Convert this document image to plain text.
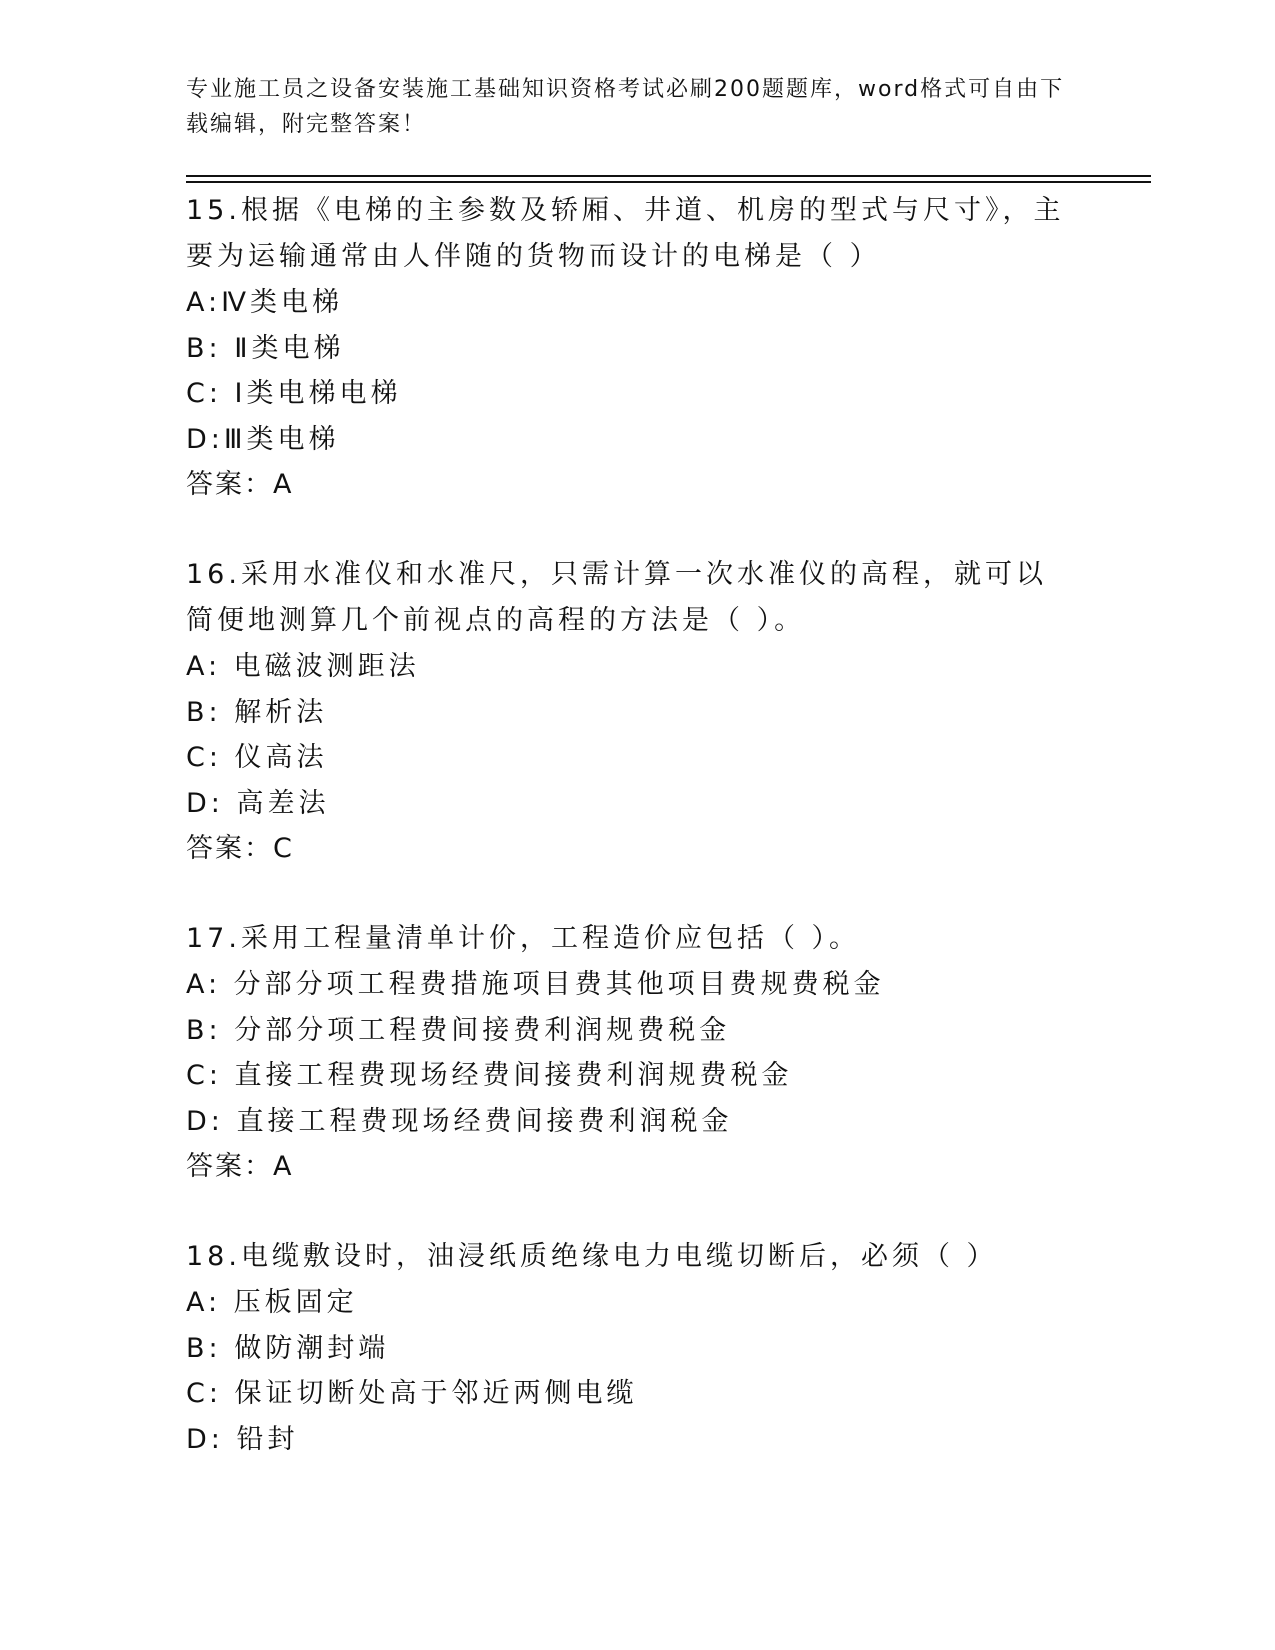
专业施工员之设备安装施工基础知识资格考试必刷200题题库，word格式可自由下载编辑，附完整答案！

15.根据《电梯的主参数及轿厢、井道、机房的型式与尺寸》，主要为运输通常由人伴随的货物而设计的电梯是（ ）

A:Ⅳ类电梯

B: Ⅱ类电梯

C: Ⅰ类电梯电梯

D:Ⅲ类电梯

答案：A

16.采用水准仪和水准尺，只需计算一次水准仪的高程，就可以简便地测算几个前视点的高程的方法是（ ）。

A: 电磁波测距法

B: 解析法

C: 仪高法

D: 高差法

答案：C

17.采用工程量清单计价，工程造价应包括（ ）。

A: 分部分项工程费措施项目费其他项目费规费税金

B: 分部分项工程费间接费利润规费税金

C: 直接工程费现场经费间接费利润规费税金

D: 直接工程费现场经费间接费利润税金

答案：A

18.电缆敷设时，油浸纸质绝缘电力电缆切断后，必须（ ）

A: 压板固定

B: 做防潮封端

C: 保证切断处高于邻近两侧电缆

D: 铅封
